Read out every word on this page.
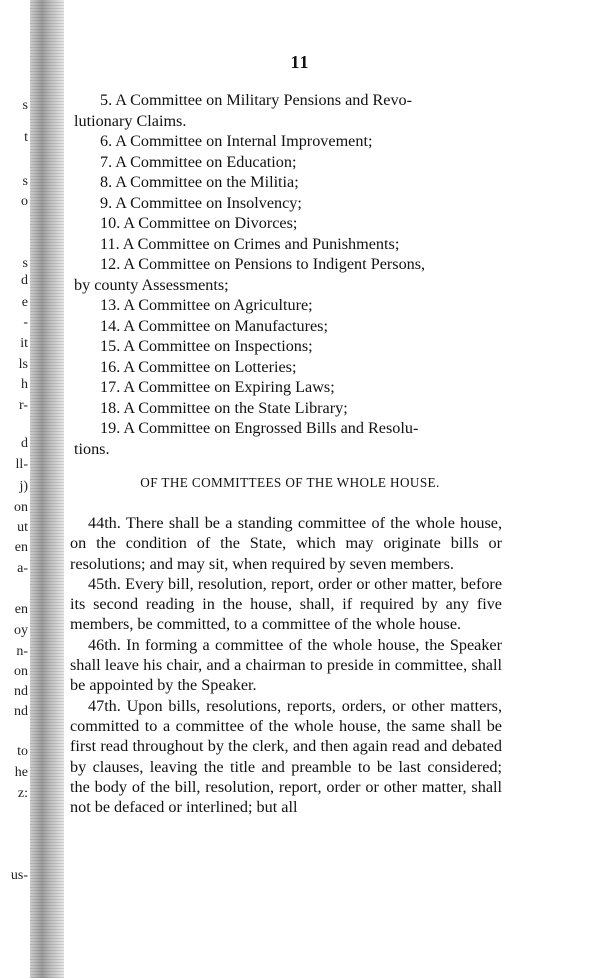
s
t
s
o
s
d
e
-
it
ls
h
r-
d
ll-
j)
on
ut
en
a-
en
oy
n-
on
nd
nd
to
he
z:
us-
11
5. A Committee on Military Pensions and Revo-
lutionary Claims.
6. A Committee on Internal Improvement;
7. A Committee on Education;
8. A Committee on the Militia;
9. A Committee on Insolvency;
10. A Committee on Divorces;
11. A Committee on Crimes and Punishments;
12. A Committee on Pensions to Indigent Persons,
by county Assessments;
13. A Committee on Agriculture;
14. A Committee on Manufactures;
15. A Committee on Inspections;
16. A Committee on Lotteries;
17. A Committee on Expiring Laws;
18. A Committee on the State Library;
19. A Committee on Engrossed Bills and Resolu-
tions.
OF THE COMMITTEES OF THE WHOLE HOUSE.

44th. There shall be a standing committee of the whole house, on the condition of the State, which may originate bills or resolutions; and may sit, when required by seven members.

45th. Every bill, resolution, report, order or other matter, before its second reading in the house, shall, if required by any five members, be committed, to a committee of the whole house.

46th. In forming a committee of the whole house, the Speaker shall leave his chair, and a chairman to preside in committee, shall be appointed by the Speaker.

47th. Upon bills, resolutions, reports, orders, or other matters, committed to a committee of the whole house, the same shall be first read throughout by the clerk, and then again read and debated by clauses, leaving the title and preamble to be last considered; the body of the bill, resolution, report, order or other matter, shall not be defaced or interlined; but all
